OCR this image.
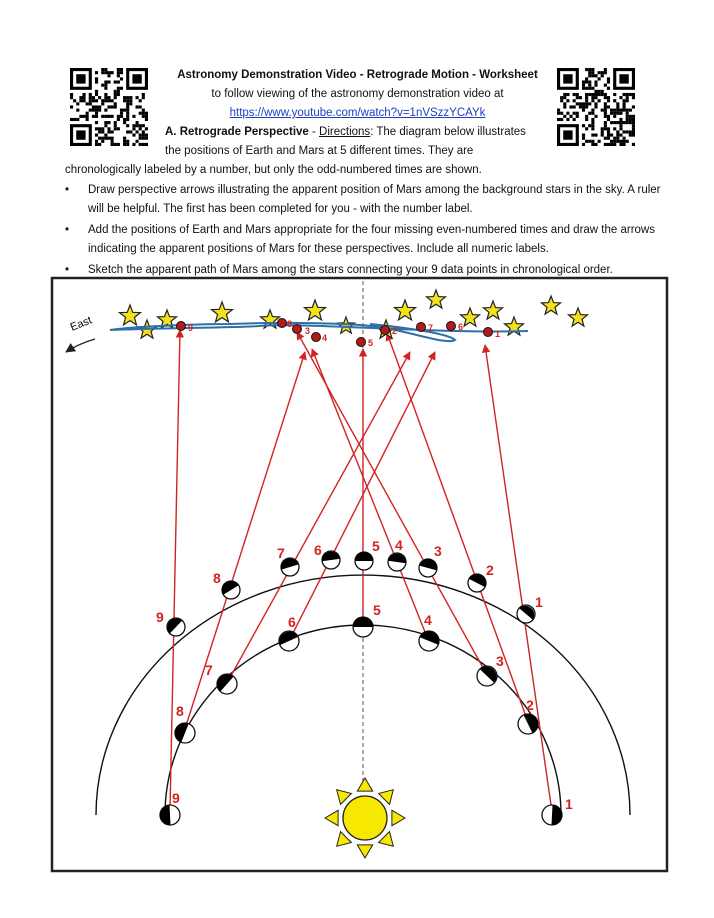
Astronomy Demonstration Video - Retrograde Motion - Worksheet
to follow viewing of the astronomy demonstration video at
https://www.youtube.com/watch?v=1nVSzzYCAYk
A. Retrograde Perspective - Directions: The diagram below illustrates
the positions of Earth and Mars at 5 different times. They are
chronologically labeled by a number, but only the odd-numbered times are shown.
• Draw perspective arrows illustrating the apparent position of Mars among the background stars in the sky. A ruler will be helpful. The first has been completed for you - with the number label.
• Add the positions of Earth and Mars appropriate for the four missing even-numbered times and draw the arrows indicating the apparent positions of Mars for these perspectives. Include all numeric labels.
• Sketch the apparent path of Mars among the stars connecting your 9 data points in chronological order.
9	8
3
4	5
2	7	6
1
9
8
7 6	5 4 3
2
1
9
8
7
6
5
4
3
2
1
East
